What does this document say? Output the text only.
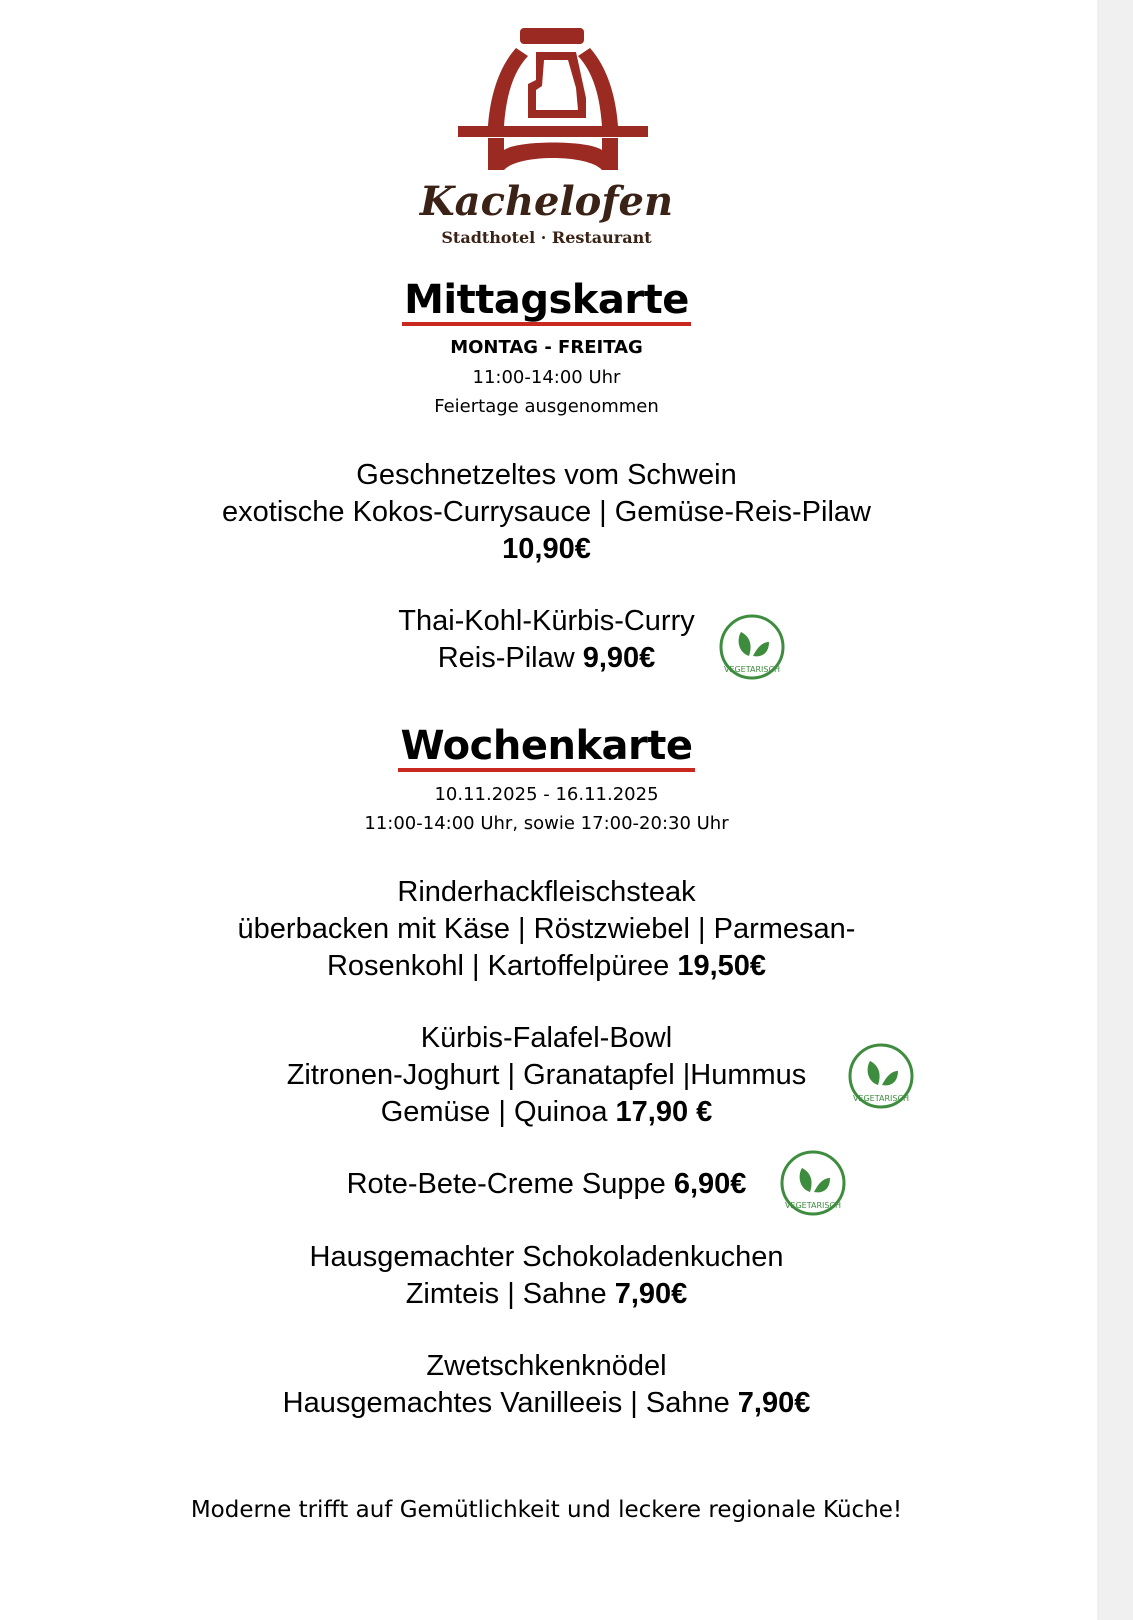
Kachelofen
Stadthotel · Restaurant
Mittagskarte
MONTAG - FREITAG
11:00-14:00 Uhr
Feiertage ausgenommen
Geschnetzeltes vom Schwein
exotische Kokos-Currysauce | Gemüse-Reis-Pilaw
10,90€
Thai-Kohl-Kürbis-Curry
Reis-Pilaw 9,90€	VEGETARISCH
Wochenkarte
10.11.2025 - 16.11.2025
11:00-14:00 Uhr, sowie 17:00-20:30 Uhr
Rinderhackfleischsteak
überbacken mit Käse | Röstzwiebel | Parmesan-
Rosenkohl | Kartoffelpüree 19,50€
Kürbis-Falafel-Bowl
Zitronen-Joghurt | Granatapfel |Hummus
Gemüse | Quinoa 17,90 €	VEGETARISCH
Rote-Bete-Creme Suppe 6,90€
VEGETARISCH
Hausgemachter Schokoladenkuchen
Zimteis | Sahne 7,90€
Zwetschkenknödel
Hausgemachtes Vanilleeis | Sahne 7,90€
Moderne trifft auf Gemütlichkeit und leckere regionale Küche!
